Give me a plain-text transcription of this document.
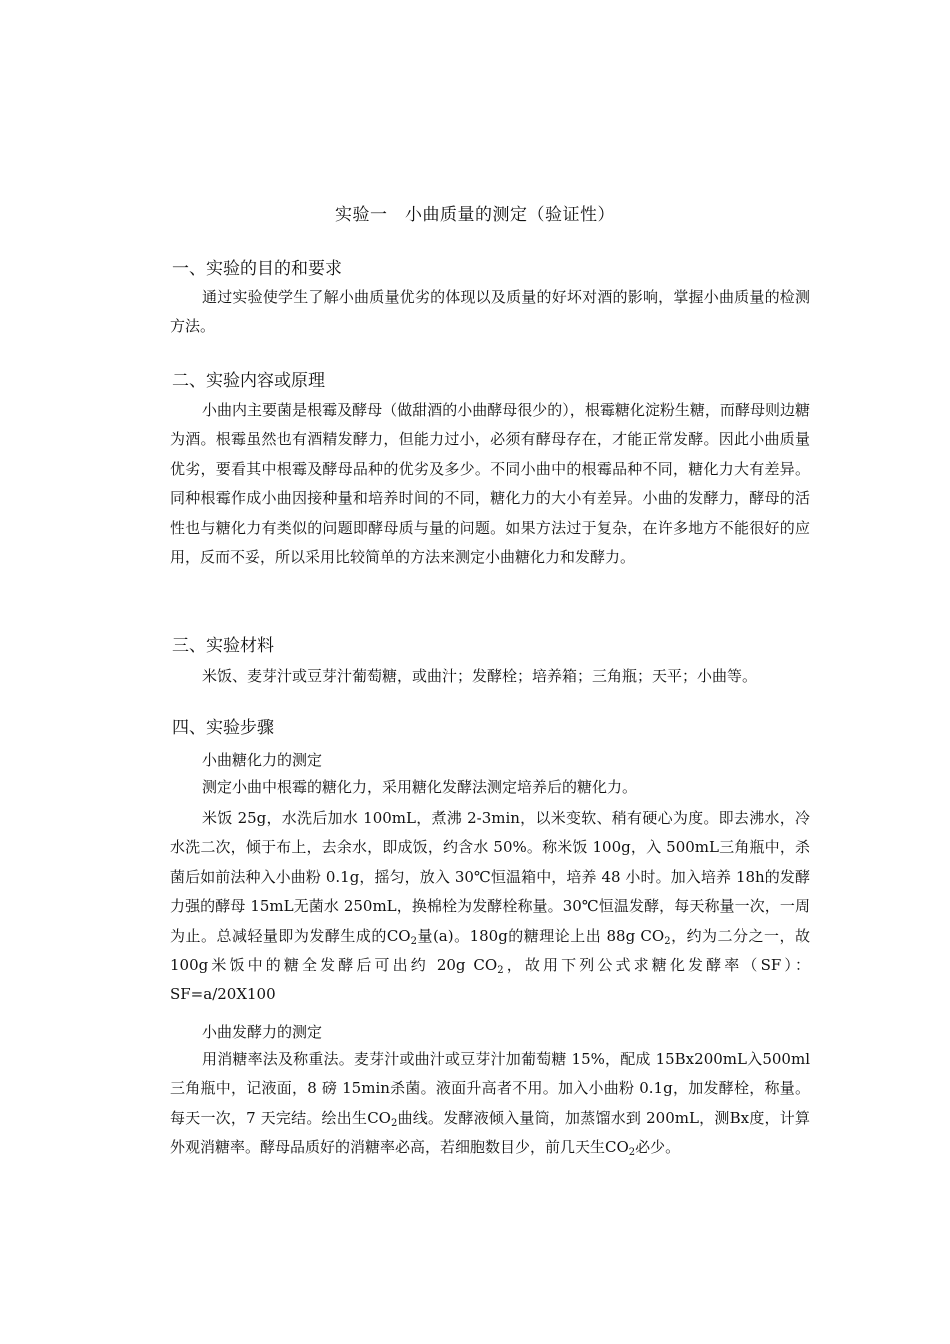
实验一　小曲质量的测定（验证性）
一、实验的目的和要求

通过实验使学生了解小曲质量优劣的体现以及质量的好坏对酒的影响，掌握小曲质量的检测方法。

二、实验内容或原理

小曲内主要菌是根霉及酵母（做甜酒的小曲酵母很少的），根霉糖化淀粉生糖，而酵母则边糖为酒。根霉虽然也有酒精发酵力，但能力过小，必须有酵母存在，才能正常发酵。因此小曲质量优劣，要看其中根霉及酵母品种的优劣及多少。不同小曲中的根霉品种不同，糖化力大有差异。同种根霉作成小曲因接种量和培养时间的不同，糖化力的大小有差异。小曲的发酵力，酵母的活性也与糖化力有类似的问题即酵母质与量的问题。如果方法过于复杂，在许多地方不能很好的应用，反而不妥，所以采用比较简单的方法来测定小曲糖化力和发酵力。

三、实验材料

米饭、麦芽汁或豆芽汁葡萄糖，或曲汁；发酵栓；培养箱；三角瓶；天平；小曲等。

四、实验步骤
小曲糖化力的测定

测定小曲中根霉的糖化力，采用糖化发酵法测定培养后的糖化力。

米饭 25g，水洗后加水 100mL，煮沸 2-3min，以米变软、稍有硬心为度。即去沸水，冷水洗二次，倾于布上，去余水，即成饭，约含水 50%。称米饭 100g，入 500mL三角瓶中，杀菌后如前法种入小曲粉 0.1g，摇匀，放入 30℃恒温箱中，培养 48 小时。加入培养 18h的发酵力强的酵母 15mL无菌水 250mL，换棉栓为发酵栓称量。30℃恒温发酵，每天称量一次，一周为止。总减轻量即为发酵生成的$CO_2$量(a)。180g的糖理论上出 88g $CO_2$，约为二分之一，故 100g米饭中的糖全发酵后可出约 20g $CO_2$，故用下列公式求糖化发酵率（SF）：SF=a/20X100

小曲发酵力的测定

用消糖率法及称重法。麦芽汁或曲汁或豆芽汁加葡萄糖 15%，配成 15Bx200mL入500ml三角瓶中，记液面，8 磅 15min杀菌。液面升高者不用。加入小曲粉 0.1g，加发酵栓，称量。每天一次，7 天完结。绘出生$CO_2$曲线。发酵液倾入量筒，加蒸馏水到 200mL，测Bx度，计算外观消糖率。酵母品质好的消糖率必高，若细胞数目少，前几天生$CO_2$必少。
